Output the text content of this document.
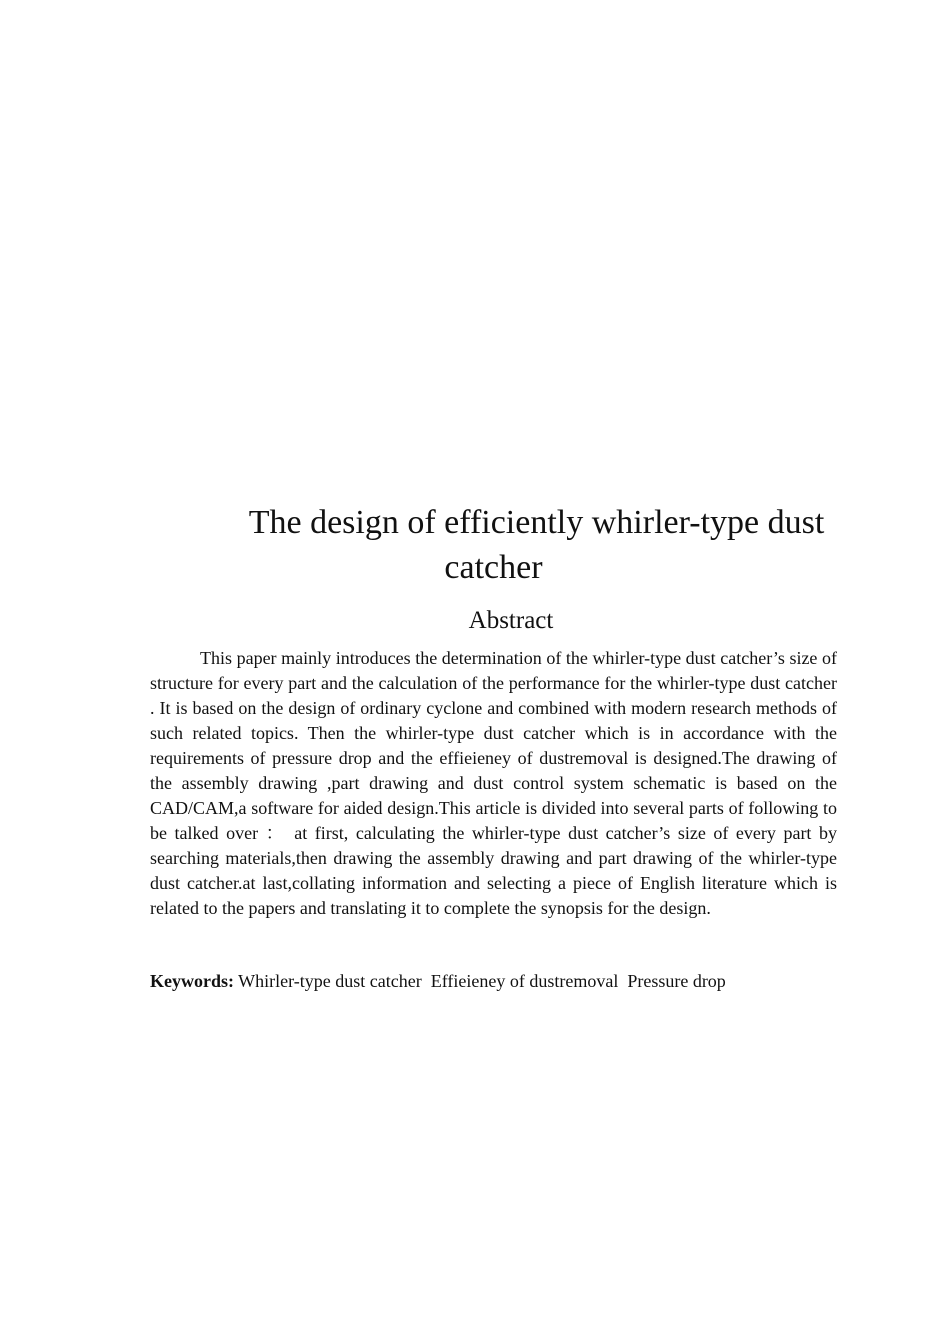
The design of efficiently whirler-type dust catcher
Abstract

This paper mainly introduces the determination of the whirler-type dust catcher’s size of structure for every part and the calculation of the performance for the whirler-type dust catcher . It is based on the design of ordinary cyclone and combined with modern research methods of such related topics. Then the whirler-type dust catcher which is in accordance with the requirements of pressure drop and the effieieney of dustremoval is designed.The drawing of the assembly drawing ,part drawing and dust control system schematic is based on the CAD/CAM,a software for aided design.This article is divided into several parts of following to be talked over ： at first, calculating the whirler-type dust catcher’s size of every part by searching materials,then drawing the assembly drawing and part drawing of the whirler-type dust catcher.at last,collating information and selecting a piece of English literature which is related to the papers and translating it to complete the synopsis for the design.

Keywords: Whirler-type dust catcher  Effieieney of dustremoval  Pressure drop
